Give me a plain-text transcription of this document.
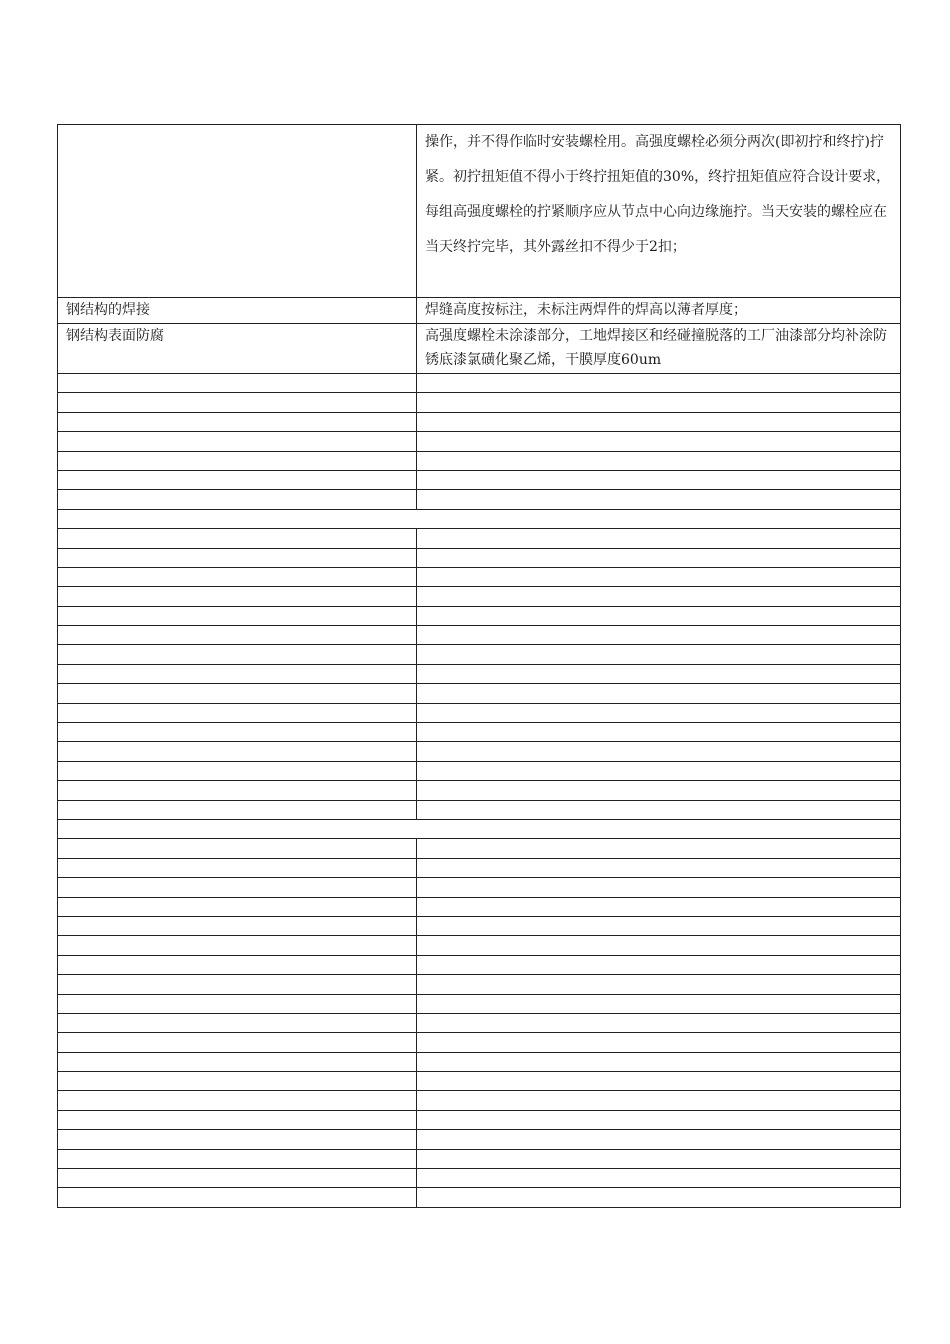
	操作，并不得作临时安装螺栓用。高强度螺栓必须分两次(即初拧和终拧)拧紧。初拧扭矩值不得小于终拧扭矩值的30%，终拧扭矩值应符合设计要求，每组高强度螺栓的拧紧顺序应从节点中心向边缘施拧。当天安装的螺栓应在当天终拧完毕，其外露丝扣不得少于2扣；
钢结构的焊接	焊缝高度按标注，未标注两焊件的焊高以薄者厚度；
钢结构表面防腐	高强度螺栓未涂漆部分，工地焊接区和经碰撞脱落的工厂油漆部分均补涂防锈底漆氯磺化聚乙烯，干膜厚度60um
